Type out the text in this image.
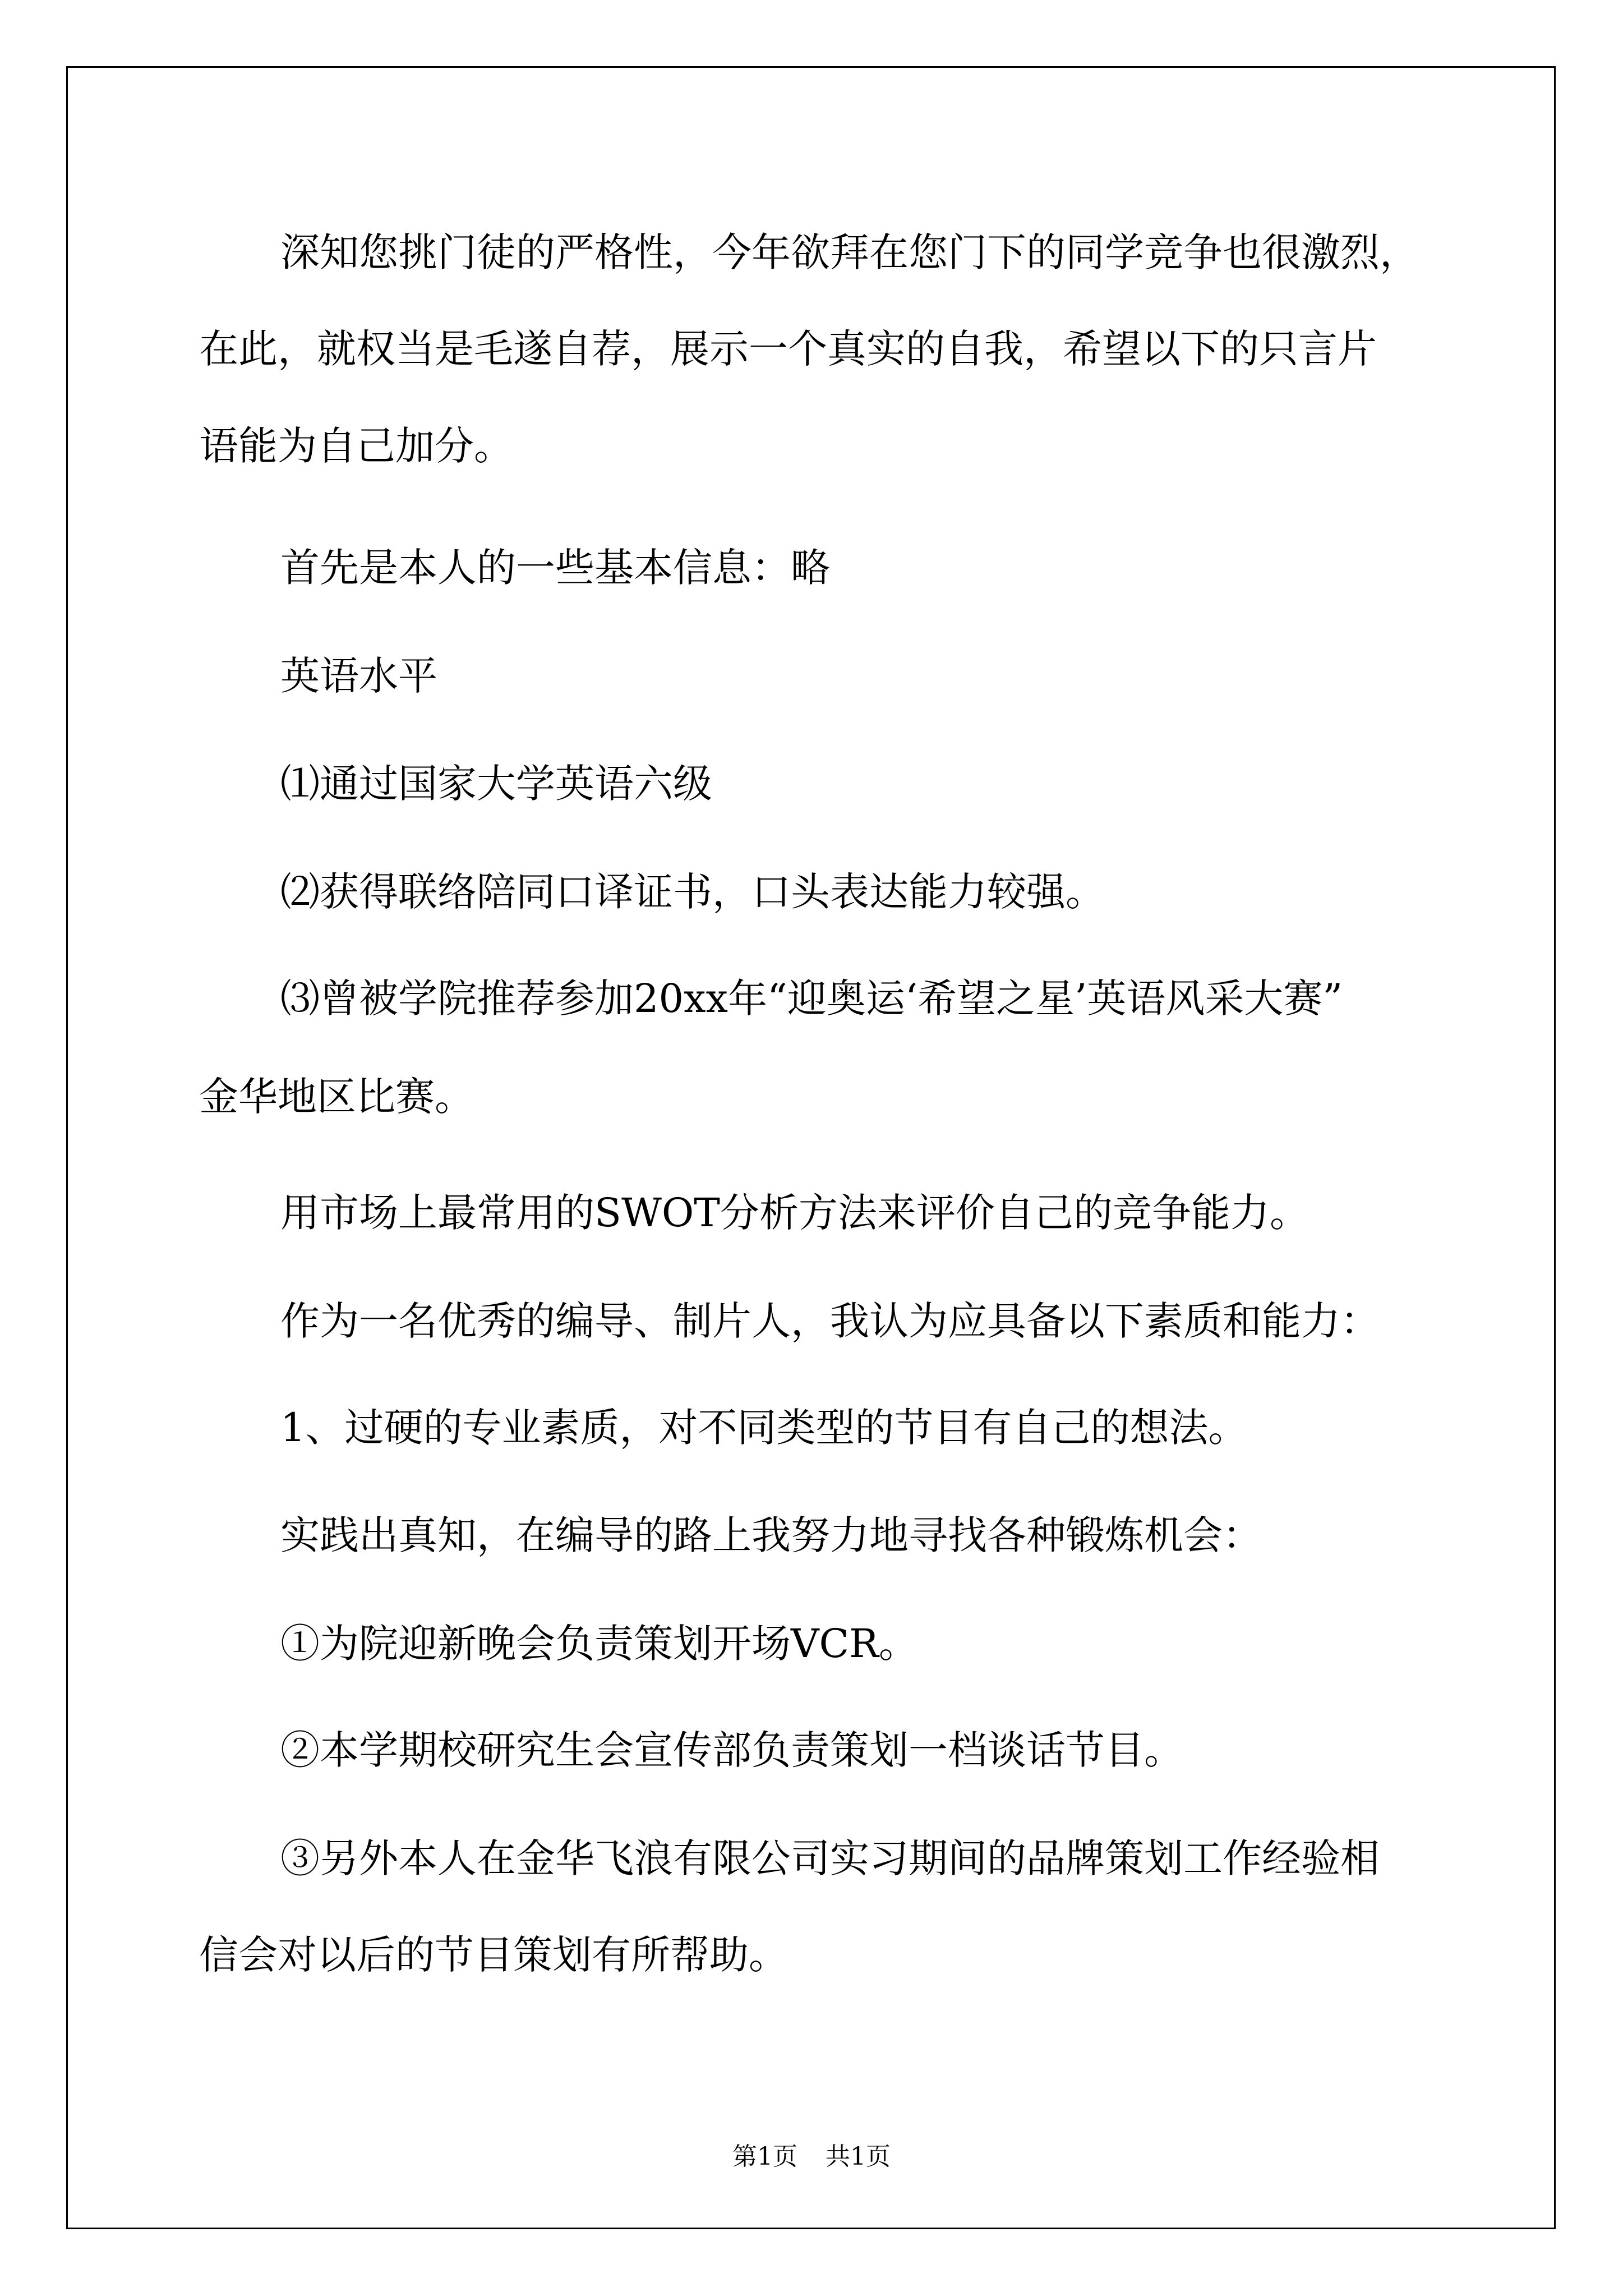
深知您挑门徒的严格性，今年欲拜在您门下的同学竞争也很激烈，
在此，就权当是毛遂自荐，展示一个真实的自我，希望以下的只言片
语能为自己加分。
首先是本人的一些基本信息：略
英语水平
⑴通过国家大学英语六级
⑵获得联络陪同口译证书，口头表达能力较强。
⑶曾被学院推荐参加20xx年“迎奥运‘希望之星’英语风采大赛”
金华地区比赛。
用市场上最常用的SWOT分析方法来评价自己的竞争能力。
作为一名优秀的编导、制片人，我认为应具备以下素质和能力：
1、过硬的专业素质，对不同类型的节目有自己的想法。
实践出真知，在编导的路上我努力地寻找各种锻炼机会：
①为院迎新晚会负责策划开场VCR。
②本学期校研究生会宣传部负责策划一档谈话节目。
③另外本人在金华飞浪有限公司实习期间的品牌策划工作经验相
信会对以后的节目策划有所帮助。
第1页 共1页
